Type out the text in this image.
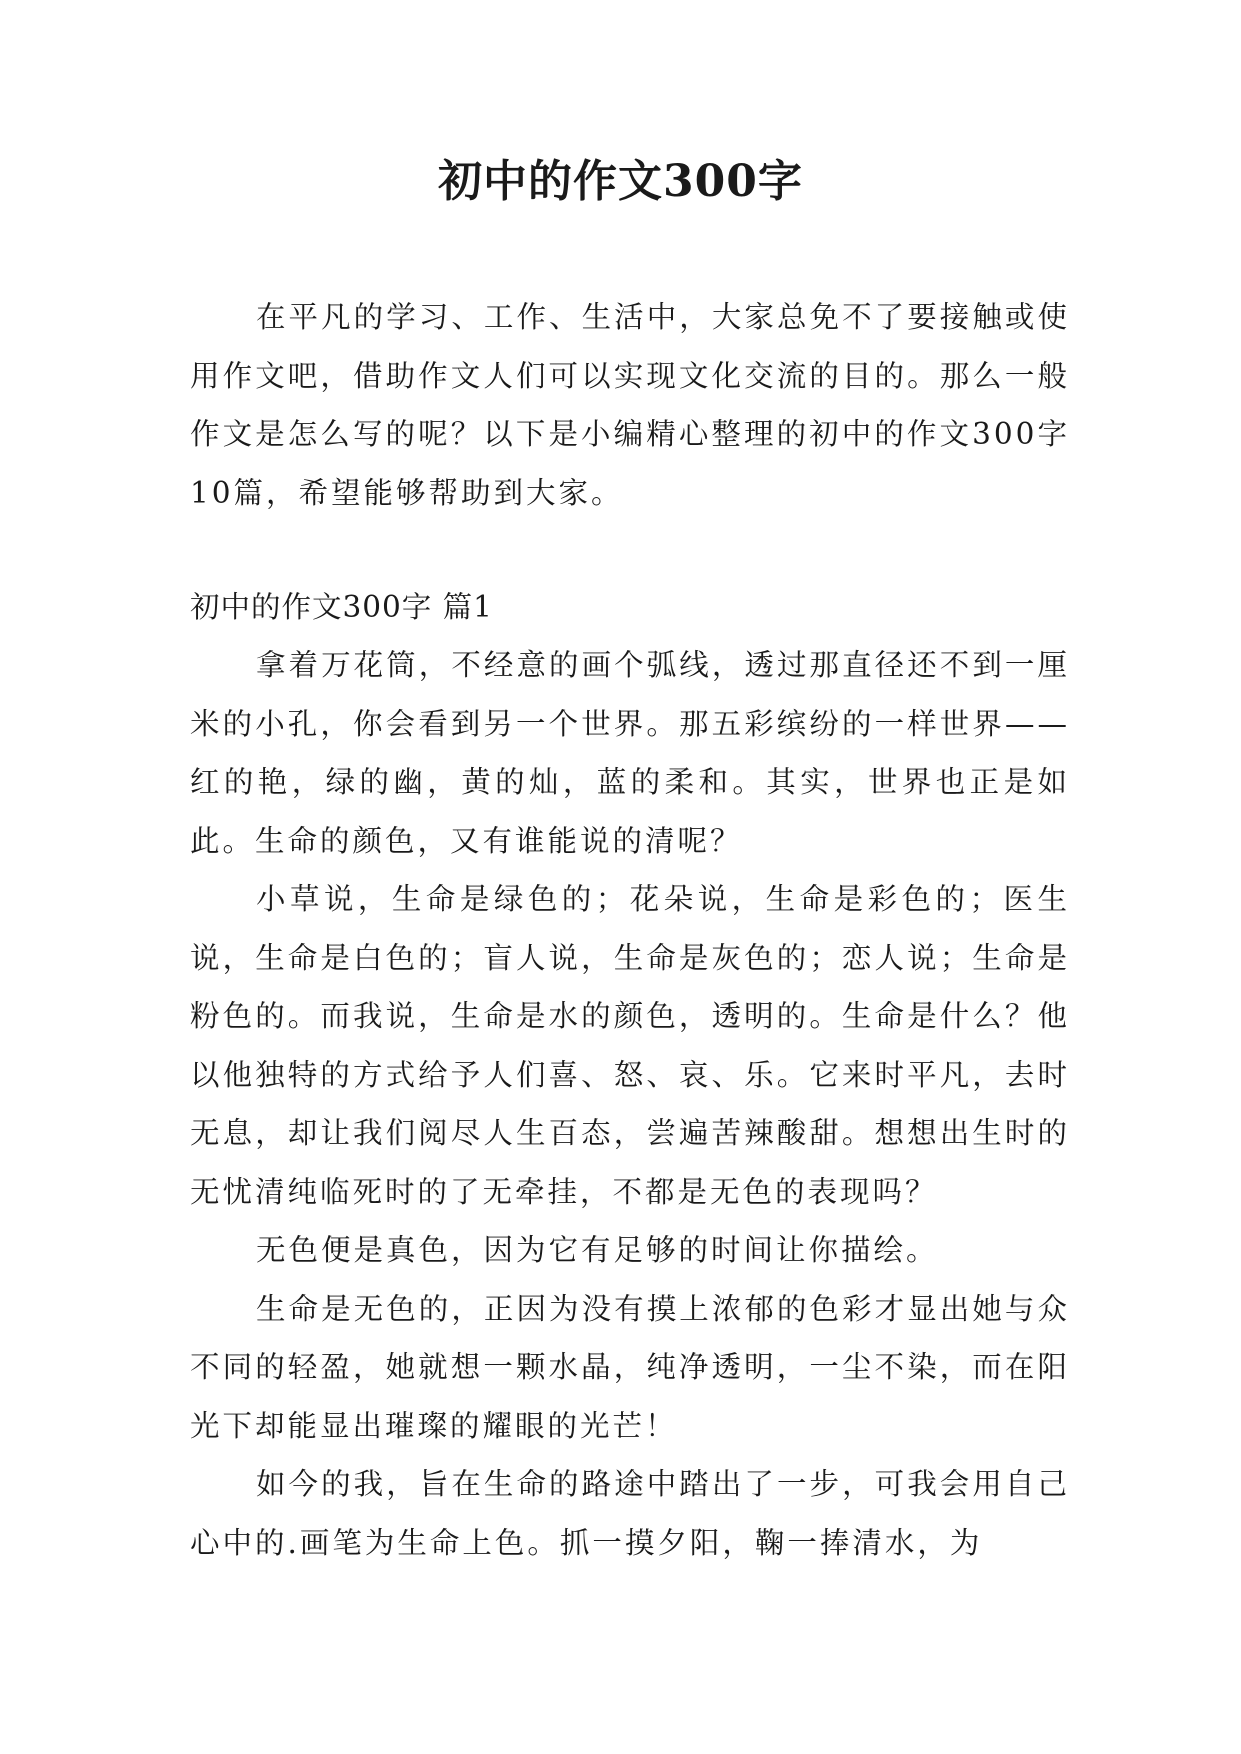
初中的作文300字

在平凡的学习、工作、生活中，大家总免不了要接触或使用作文吧，借助作文人们可以实现文化交流的目的。那么一般作文是怎么写的呢？以下是小编精心整理的初中的作文300字10篇，希望能够帮助到大家。

初中的作文300字 篇1

拿着万花筒，不经意的画个弧线，透过那直径还不到一厘米的小孔，你会看到另一个世界。那五彩缤纷的一样世界——红的艳，绿的幽，黄的灿，蓝的柔和。其实，世界也正是如此。生命的颜色，又有谁能说的清呢？

小草说，生命是绿色的；花朵说，生命是彩色的；医生说，生命是白色的；盲人说，生命是灰色的；恋人说；生命是粉色的。而我说，生命是水的颜色，透明的。生命是什么？他以他独特的方式给予人们喜、怒、哀、乐。它来时平凡，去时无息，却让我们阅尽人生百态，尝遍苦辣酸甜。想想出生时的无忧清纯临死时的了无牵挂，不都是无色的表现吗？

无色便是真色，因为它有足够的时间让你描绘。

生命是无色的，正因为没有摸上浓郁的色彩才显出她与众不同的轻盈，她就想一颗水晶，纯净透明，一尘不染，而在阳光下却能显出璀璨的耀眼的光芒！

如今的我，旨在生命的路途中踏出了一步，可我会用自己心中的.画笔为生命上色。抓一摸夕阳，鞠一捧清水，为
